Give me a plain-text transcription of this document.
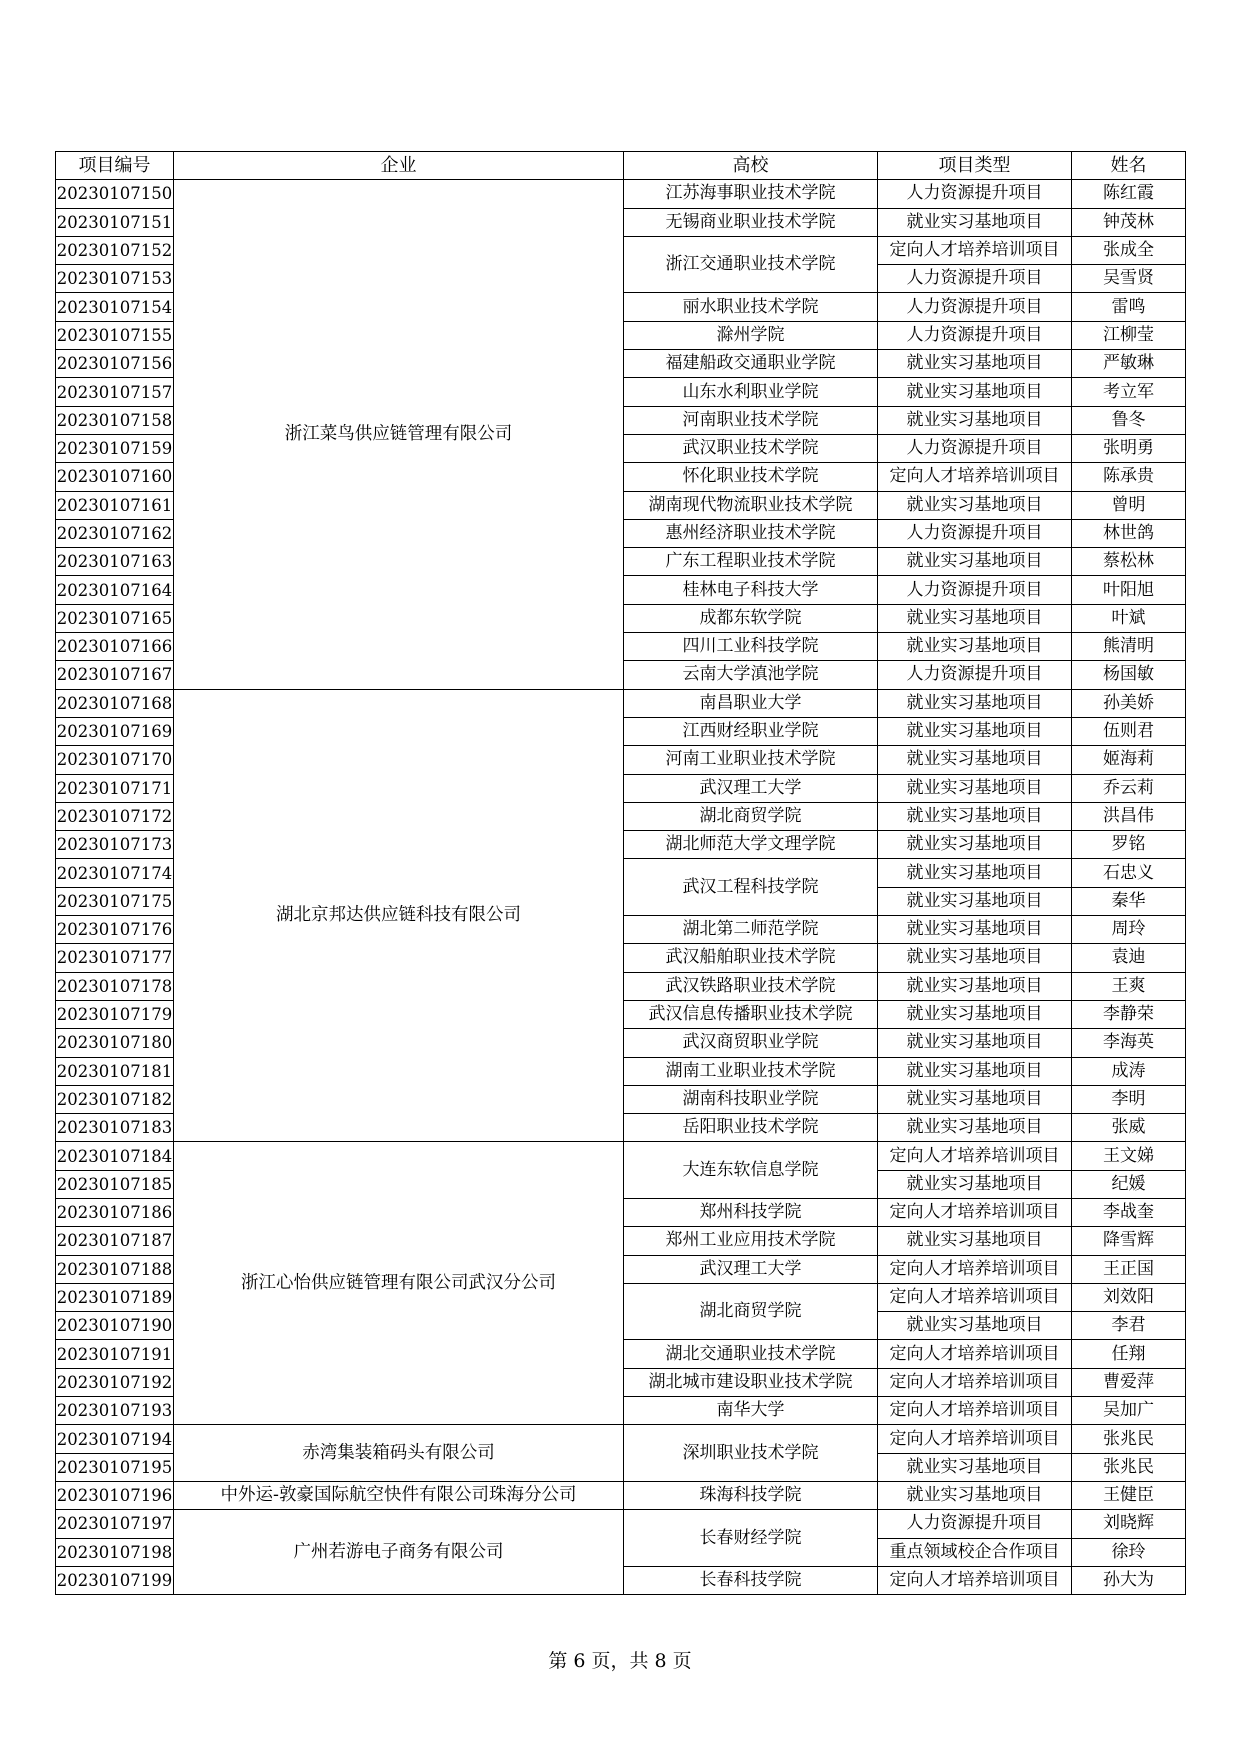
项目编号	企业	高校	项目类型	姓名
20230107150	浙江菜鸟供应链管理有限公司	江苏海事职业技术学院	人力资源提升项目	陈红霞
20230107151		无锡商业职业技术学院	就业实习基地项目	钟茂林
20230107152		浙江交通职业技术学院	定向人才培养培训项目	张成全
20230107153			人力资源提升项目	吴雪贤
20230107154		丽水职业技术学院	人力资源提升项目	雷鸣
20230107155		滁州学院	人力资源提升项目	江柳莹
20230107156		福建船政交通职业学院	就业实习基地项目	严敏琳
20230107157		山东水利职业学院	就业实习基地项目	考立军
20230107158		河南职业技术学院	就业实习基地项目	鲁冬
20230107159		武汉职业技术学院	人力资源提升项目	张明勇
20230107160		怀化职业技术学院	定向人才培养培训项目	陈承贵
20230107161		湖南现代物流职业技术学院	就业实习基地项目	曾明
20230107162		惠州经济职业技术学院	人力资源提升项目	林世鸽
20230107163		广东工程职业技术学院	就业实习基地项目	蔡松林
20230107164		桂林电子科技大学	人力资源提升项目	叶阳旭
20230107165		成都东软学院	就业实习基地项目	叶斌
20230107166		四川工业科技学院	就业实习基地项目	熊清明
20230107167		云南大学滇池学院	人力资源提升项目	杨国敏
20230107168	湖北京邦达供应链科技有限公司	南昌职业大学	就业实习基地项目	孙美娇
20230107169		江西财经职业学院	就业实习基地项目	伍则君
20230107170		河南工业职业技术学院	就业实习基地项目	姬海莉
20230107171		武汉理工大学	就业实习基地项目	乔云莉
20230107172		湖北商贸学院	就业实习基地项目	洪昌伟
20230107173		湖北师范大学文理学院	就业实习基地项目	罗铭
20230107174		武汉工程科技学院	就业实习基地项目	石忠义
20230107175			就业实习基地项目	秦华
20230107176		湖北第二师范学院	就业实习基地项目	周玲
20230107177		武汉船舶职业技术学院	就业实习基地项目	袁迪
20230107178		武汉铁路职业技术学院	就业实习基地项目	王爽
20230107179		武汉信息传播职业技术学院	就业实习基地项目	李静荣
20230107180		武汉商贸职业学院	就业实习基地项目	李海英
20230107181		湖南工业职业技术学院	就业实习基地项目	成涛
20230107182		湖南科技职业学院	就业实习基地项目	李明
20230107183		岳阳职业技术学院	就业实习基地项目	张威
20230107184	浙江心怡供应链管理有限公司武汉分公司	大连东软信息学院	定向人才培养培训项目	王文娣
20230107185			就业实习基地项目	纪媛
20230107186		郑州科技学院	定向人才培养培训项目	李战奎
20230107187		郑州工业应用技术学院	就业实习基地项目	降雪辉
20230107188		武汉理工大学	定向人才培养培训项目	王正国
20230107189		湖北商贸学院	定向人才培养培训项目	刘效阳
20230107190			就业实习基地项目	李君
20230107191		湖北交通职业技术学院	定向人才培养培训项目	任翔
20230107192		湖北城市建设职业技术学院	定向人才培养培训项目	曹爱萍
20230107193		南华大学	定向人才培养培训项目	吴加广
20230107194	赤湾集装箱码头有限公司	深圳职业技术学院	定向人才培养培训项目	张兆民
20230107195			就业实习基地项目	张兆民
20230107196	中外运-敦豪国际航空快件有限公司珠海分公司	珠海科技学院	就业实习基地项目	王健臣
20230107197	广州若游电子商务有限公司	长春财经学院	人力资源提升项目	刘晓辉
20230107198			重点领域校企合作项目	徐玲
20230107199		长春科技学院	定向人才培养培训项目	孙大为
第 6 页，共 8 页
